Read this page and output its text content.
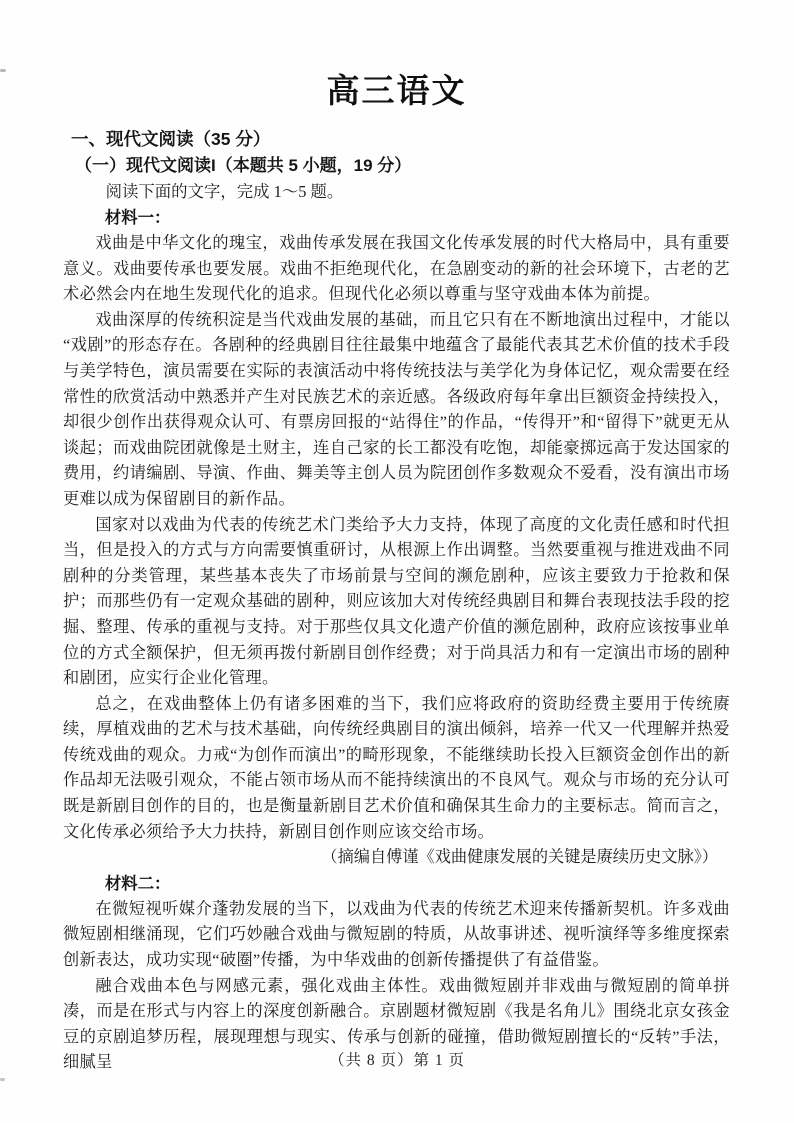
高三语文

一、现代文阅读（35 分）

（一）现代文阅读I（本题共 5 小题，19 分）

阅读下面的文字，完成 1～5 题。

材料一：

戏曲是中华文化的瑰宝，戏曲传承发展在我国文化传承发展的时代大格局中，具有重要意义。戏曲要传承也要发展。戏曲不拒绝现代化，在急剧变动的新的社会环境下，古老的艺术必然会内在地生发现代化的追求。但现代化必须以尊重与坚守戏曲本体为前提。

戏曲深厚的传统积淀是当代戏曲发展的基础，而且它只有在不断地演出过程中，才能以“戏剧”的形态存在。各剧种的经典剧目往往最集中地蕴含了最能代表其艺术价值的技术手段与美学特色，演员需要在实际的表演活动中将传统技法与美学化为身体记忆，观众需要在经常性的欣赏活动中熟悉并产生对民族艺术的亲近感。各级政府每年拿出巨额资金持续投入，却很少创作出获得观众认可、有票房回报的“站得住”的作品，“传得开”和“留得下”就更无从谈起；而戏曲院团就像是土财主，连自己家的长工都没有吃饱，却能豪掷远高于发达国家的费用，约请编剧、导演、作曲、舞美等主创人员为院团创作多数观众不爱看，没有演出市场更难以成为保留剧目的新作品。

国家对以戏曲为代表的传统艺术门类给予大力支持，体现了高度的文化责任感和时代担当，但是投入的方式与方向需要慎重研讨，从根源上作出调整。当然要重视与推进戏曲不同剧种的分类管理，某些基本丧失了市场前景与空间的濒危剧种，应该主要致力于抢救和保护；而那些仍有一定观众基础的剧种，则应该加大对传统经典剧目和舞台表现技法手段的挖掘、整理、传承的重视与支持。对于那些仅具文化遗产价值的濒危剧种，政府应该按事业单位的方式全额保护，但无须再拨付新剧目创作经费；对于尚具活力和有一定演出市场的剧种和剧团，应实行企业化管理。

总之，在戏曲整体上仍有诸多困难的当下，我们应将政府的资助经费主要用于传统赓续，厚植戏曲的艺术与技术基础，向传统经典剧目的演出倾斜，培养一代又一代理解并热爱传统戏曲的观众。力戒“为创作而演出”的畸形现象，不能继续助长投入巨额资金创作出的新作品却无法吸引观众，不能占领市场从而不能持续演出的不良风气。观众与市场的充分认可既是新剧目创作的目的，也是衡量新剧目艺术价值和确保其生命力的主要标志。简而言之，文化传承必须给予大力扶持，新剧目创作则应该交给市场。

（摘编自傅谨《戏曲健康发展的关键是赓续历史文脉》）

材料二：

在微短视听媒介蓬勃发展的当下，以戏曲为代表的传统艺术迎来传播新契机。许多戏曲微短剧相继涌现，它们巧妙融合戏曲与微短剧的特质，从故事讲述、视听演绎等多维度探索创新表达，成功实现“破圈”传播，为中华戏曲的创新传播提供了有益借鉴。

融合戏曲本色与网感元素，强化戏曲主体性。戏曲微短剧并非戏曲与微短剧的简单拼凑，而是在形式与内容上的深度创新融合。京剧题材微短剧《我是名角儿》围绕北京女孩金豆的京剧追梦历程，展现理想与现实、传承与创新的碰撞，借助微短剧擅长的“反转”手法，细腻呈	（共 8 页）第 1 页
